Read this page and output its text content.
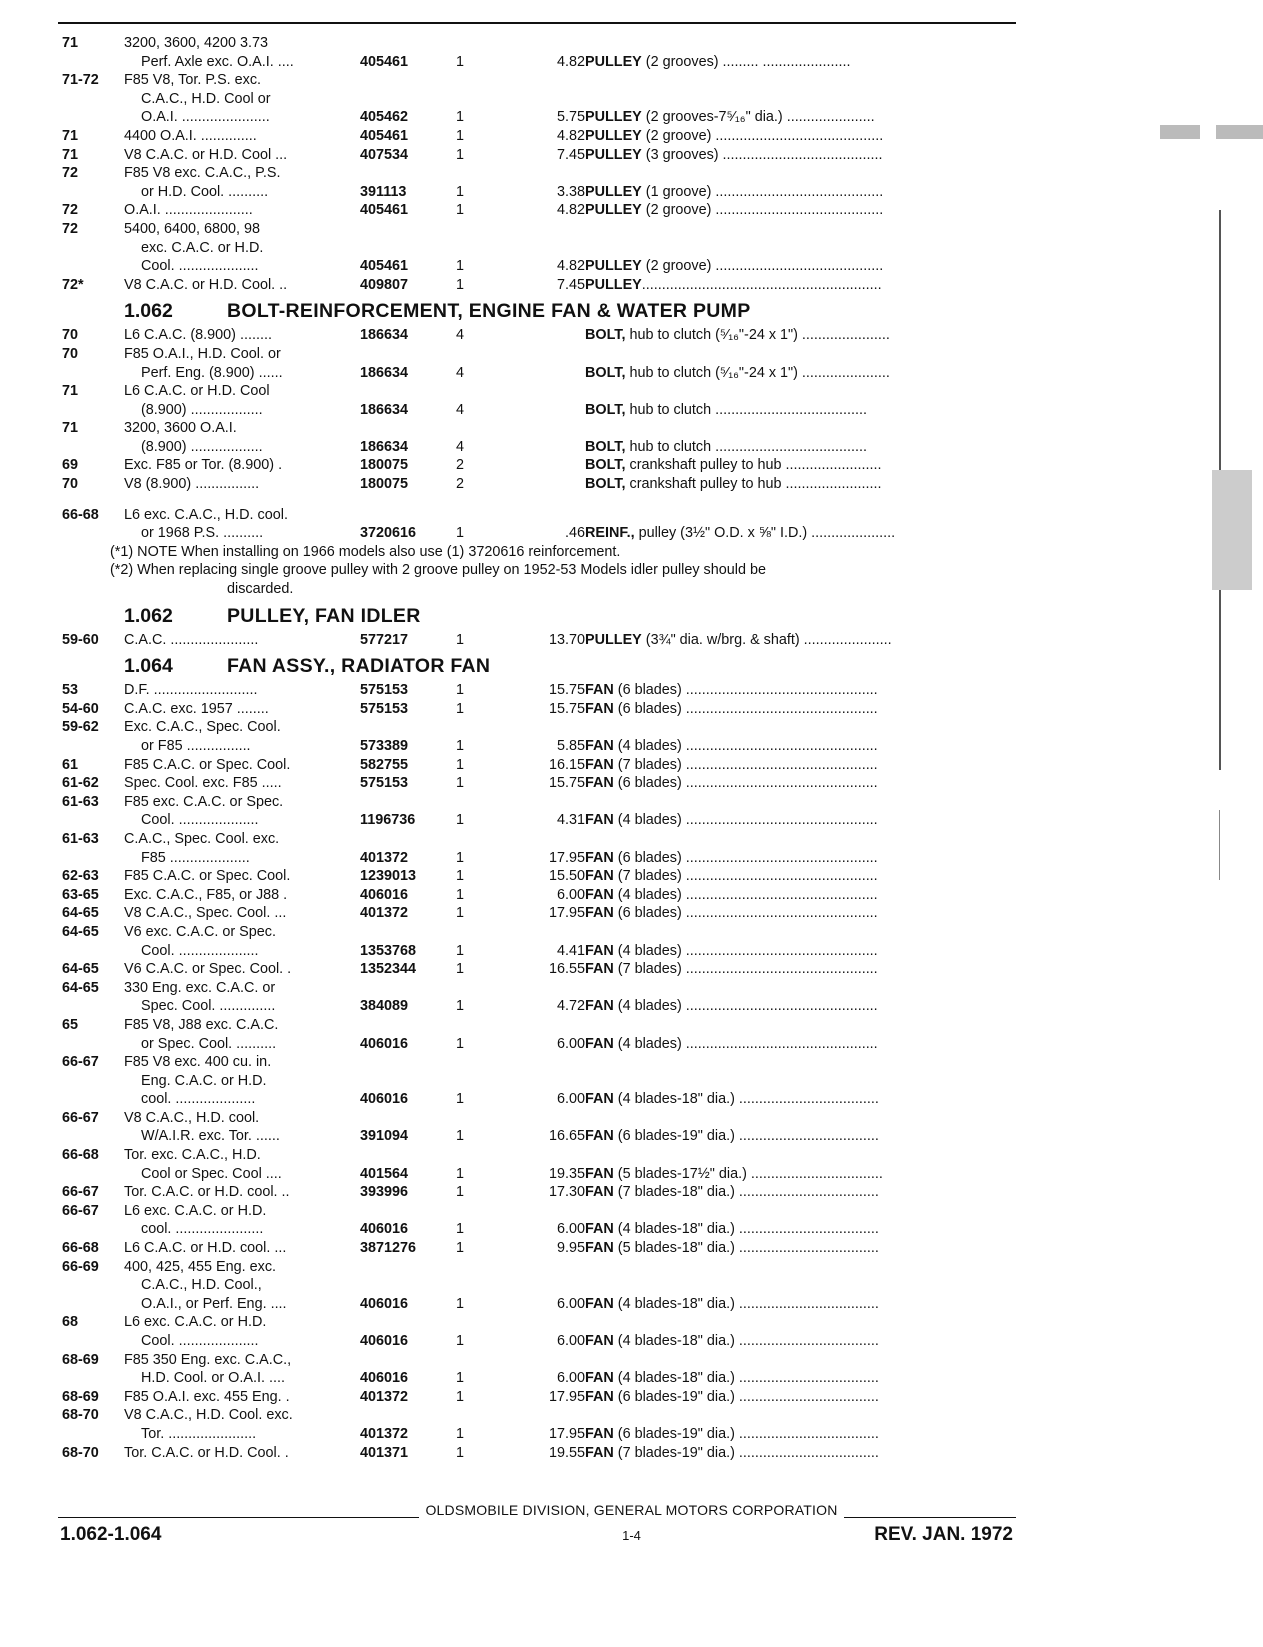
71	3200, 3600, 4200 3.73
Perf. Axle exc. O.A.I. ....	405461	1	4.82 PULLEY (2 grooves) ......... ......................
71-72 F85 V8, Tor. P.S. exc.
C.A.C., H.D. Cool or
O.A.I. ......................	405462	1	5.75 PULLEY (2 grooves-7⁵⁄₁₆" dia.) ......................
71	4400 O.A.I. ..............	405461	1	4.82 PULLEY (2 groove) ..........................................
71	V8 C.A.C. or H.D. Cool ...	407534	1	7.45 PULLEY (3 grooves) ........................................
72	F85 V8 exc. C.A.C., P.S.
or H.D. Cool. ..........	391113	1	3.38 PULLEY (1 groove) ..........................................
72	O.A.I. ......................	405461	1	4.82 PULLEY (2 groove) ..........................................
72	5400, 6400, 6800, 98
exc. C.A.C. or H.D.
Cool. ....................	405461	1	4.82 PULLEY (2 groove) ..........................................
72*	V8 C.A.C. or H.D. Cool. ..	409807	1	7.45 PULLEY............................................................
1.062	BOLT-REINFORCEMENT, ENGINE FAN & WATER PUMP
70	L6 C.A.C. (8.900) ........	186634	4	BOLT, hub to clutch (⁵⁄₁₆"-24 x 1") ......................
70	F85 O.A.I., H.D. Cool. or
Perf. Eng. (8.900) ......	186634	4	BOLT, hub to clutch (⁵⁄₁₆"-24 x 1") ......................
71	L6 C.A.C. or H.D. Cool
(8.900) ..................	186634	4	BOLT, hub to clutch ......................................
71	3200, 3600 O.A.I.
(8.900) ..................	186634	4	BOLT, hub to clutch ......................................
69	Exc. F85 or Tor. (8.900) .	180075	2	BOLT, crankshaft pulley to hub ........................
70	V8 (8.900) ................	180075	2	BOLT, crankshaft pulley to hub ........................
66-68 L6 exc. C.A.C., H.D. cool.
or 1968 P.S. ..........	3720616	1	.46 REINF., pulley (3½" O.D. x ⅝" I.D.) .....................
(*1) NOTE When installing on 1966 models also use (1) 3720616 reinforcement.
(*2) When replacing single groove pulley with 2 groove pulley on 1952-53 Models idler pulley should be
discarded.
1.062	PULLEY, FAN IDLER
59-60 C.A.C. ......................	577217	1	13.70 PULLEY (3¾" dia. w/brg. & shaft) ......................
1.064	FAN ASSY., RADIATOR FAN
53	D.F. ..........................	575153	1	15.75 FAN (6 blades) ................................................
54-60 C.A.C. exc. 1957 ........	575153	1	15.75 FAN (6 blades) ................................................
59-62 Exc. C.A.C., Spec. Cool.
or F85 ................	573389	1	5.85 FAN (4 blades) ................................................
61	F85 C.A.C. or Spec. Cool.	582755	1	16.15 FAN (7 blades) ................................................
61-62 Spec. Cool. exc. F85 .....	575153	1	15.75 FAN (6 blades) ................................................
61-63 F85 exc. C.A.C. or Spec.
Cool. ....................	1196736	1	4.31 FAN (4 blades) ................................................
61-63 C.A.C., Spec. Cool. exc.
F85 ....................	401372	1	17.95 FAN (6 blades) ................................................
62-63 F85 C.A.C. or Spec. Cool.	1239013	1	15.50 FAN (7 blades) ................................................
63-65 Exc. C.A.C., F85, or J88 .	406016	1	6.00 FAN (4 blades) ................................................
64-65 V8 C.A.C., Spec. Cool. ...	401372	1	17.95 FAN (6 blades) ................................................
64-65 V6 exc. C.A.C. or Spec.
Cool. ....................	1353768	1	4.41 FAN (4 blades) ................................................
64-65 V6 C.A.C. or Spec. Cool. .	1352344	1	16.55 FAN (7 blades) ................................................
64-65 330 Eng. exc. C.A.C. or
Spec. Cool. ..............	384089	1	4.72 FAN (4 blades) ................................................
65	F85 V8, J88 exc. C.A.C.
or Spec. Cool. ..........	406016	1	6.00 FAN (4 blades) ................................................
66-67 F85 V8 exc. 400 cu. in.
Eng. C.A.C. or H.D.
cool. ....................	406016	1	6.00 FAN (4 blades-18" dia.) ...................................
66-67 V8 C.A.C., H.D. cool.
W/A.I.R. exc. Tor. ......	391094	1	16.65 FAN (6 blades-19" dia.) ...................................
66-68 Tor. exc. C.A.C., H.D.
Cool or Spec. Cool ....	401564	1	19.35 FAN (5 blades-17½" dia.) .................................
66-67 Tor. C.A.C. or H.D. cool. ..	393996	1	17.30 FAN (7 blades-18" dia.) ...................................
66-67 L6 exc. C.A.C. or H.D.
cool. ......................	406016	1	6.00 FAN (4 blades-18" dia.) ...................................
66-68 L6 C.A.C. or H.D. cool. ...	3871276	1	9.95 FAN (5 blades-18" dia.) ...................................
66-69 400, 425, 455 Eng. exc.
C.A.C., H.D. Cool.,
O.A.I., or Perf. Eng. ....	406016	1	6.00 FAN (4 blades-18" dia.) ...................................
68	L6 exc. C.A.C. or H.D.
Cool. ....................	406016	1	6.00 FAN (4 blades-18" dia.) ...................................
68-69 F85 350 Eng. exc. C.A.C.,
H.D. Cool. or O.A.I. ....	406016	1	6.00 FAN (4 blades-18" dia.) ...................................
68-69 F85 O.A.I. exc. 455 Eng. .	401372	1	17.95 FAN (6 blades-19" dia.) ...................................
68-70 V8 C.A.C., H.D. Cool. exc.
Tor. ......................	401372	1	17.95 FAN (6 blades-19" dia.) ...................................
68-70 Tor. C.A.C. or H.D. Cool. .	401371	1	19.55 FAN (7 blades-19" dia.) ...................................
OLDSMOBILE DIVISION, GENERAL MOTORS CORPORATION
1.062-1.064	1-4	REV. JAN. 1972
